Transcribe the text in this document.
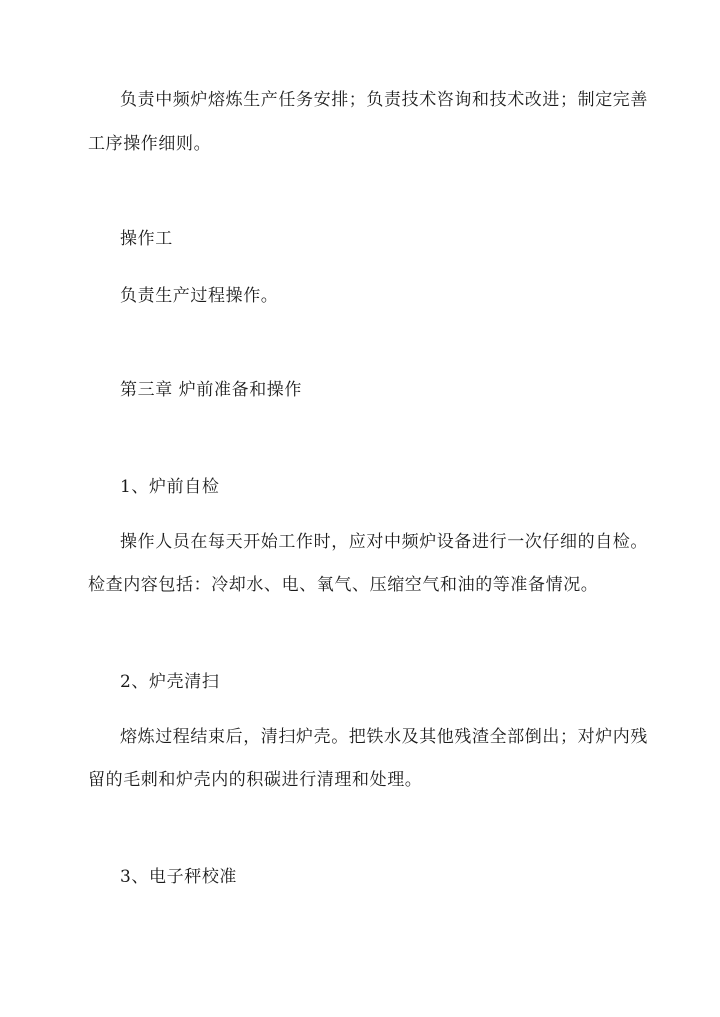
负责中频炉熔炼生产任务安排；负责技术咨询和技术改进；制定完善
工序操作细则。
操作工
负责生产过程操作。
第三章 炉前准备和操作
1、炉前自检
操作人员在每天开始工作时，应对中频炉设备进行一次仔细的自检。
检查内容包括：冷却水、电、氧气、压缩空气和油的等准备情况。
2、炉壳清扫
熔炼过程结束后，清扫炉壳。把铁水及其他残渣全部倒出；对炉内残
留的毛刺和炉壳内的积碳进行清理和处理。
3、电子秤校准
